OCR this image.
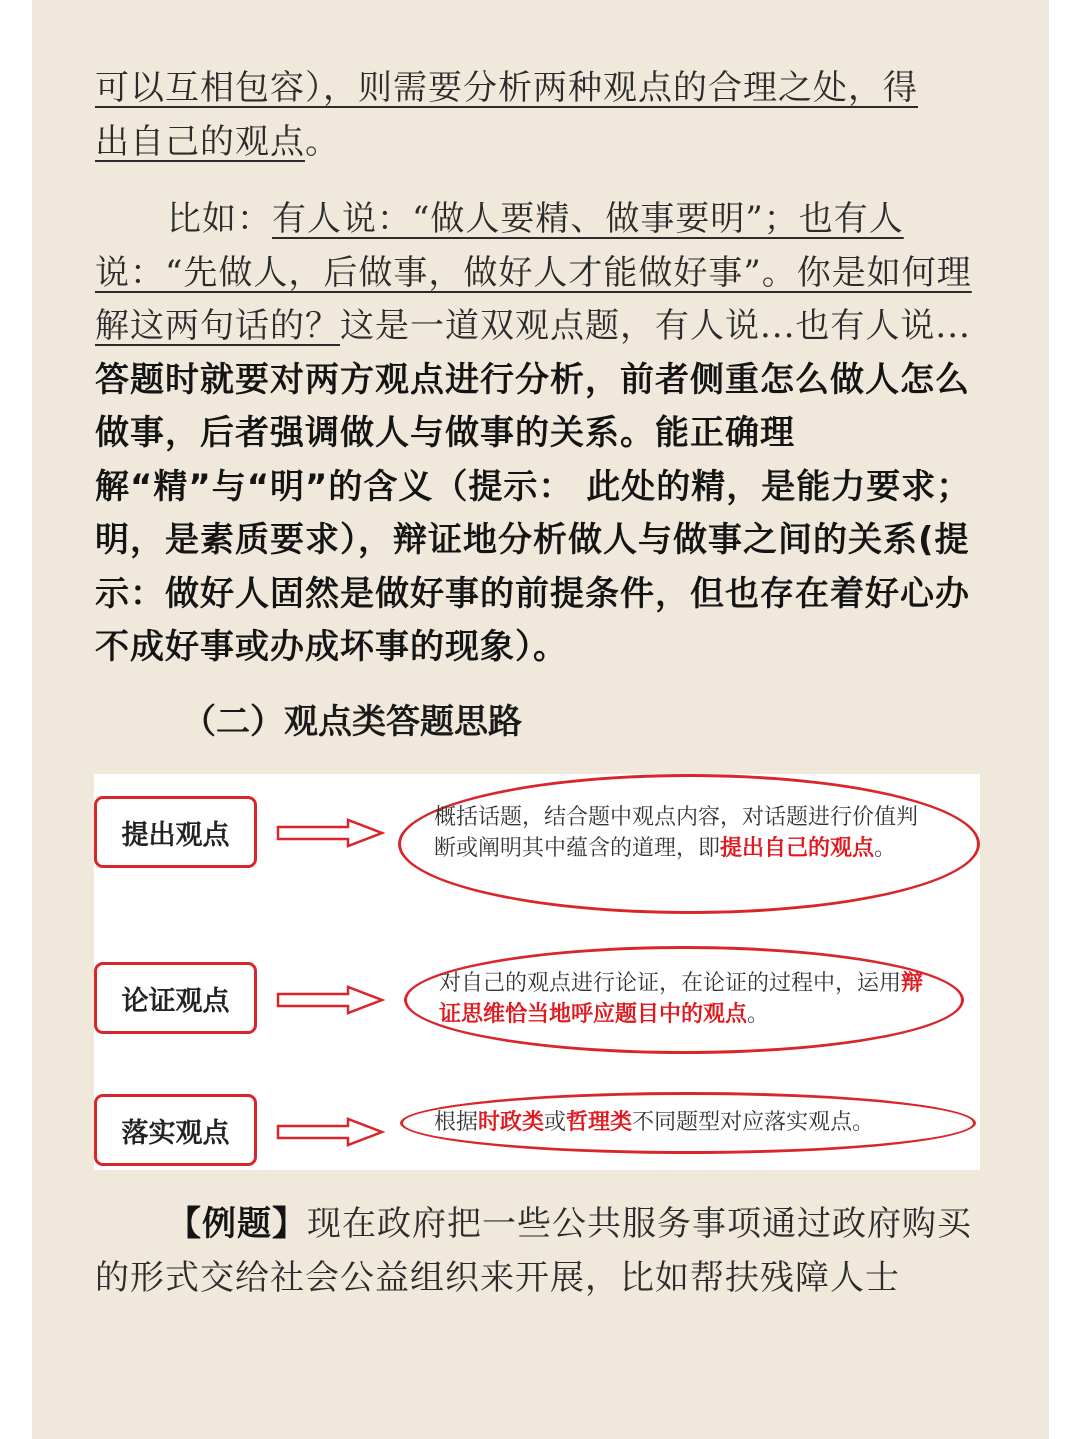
可以互相包容），则需要分析两种观点的合理之处，得
出自己的观点。
比如：有人说：“做人要精、做事要明”；也有人说：“先做人，后做事，做好人才能做好事”。你是如何理解这两句话的？这是一道双观点题，有人说...也有人说...答题时就要对两方观点进行分析，前者侧重怎么做人怎么做事，后者强调做人与做事的关系。能正确理解“精”与“明”的含义（提示： 此处的精，是能力要求；明，是素质要求），辩证地分析做人与做事之间的关系(提示：做好人固然是做好事的前提条件，但也存在着好心办不成好事或办成坏事的现象）。
（二）观点类答题思路
提出观点
概括话题，结合题中观点内容，对话题进行价值判断或阐明其中蕴含的道理，即提出自己的观点。
论证观点
对自己的观点进行论证，在论证的过程中，运用辩证思维恰当地呼应题目中的观点。
落实观点	根据时政类或哲理类不同题型对应落实观点。
【例题】现在政府把一些公共服务事项通过政府购买的形式交给社会公益组织来开展，比如帮扶残障人士
